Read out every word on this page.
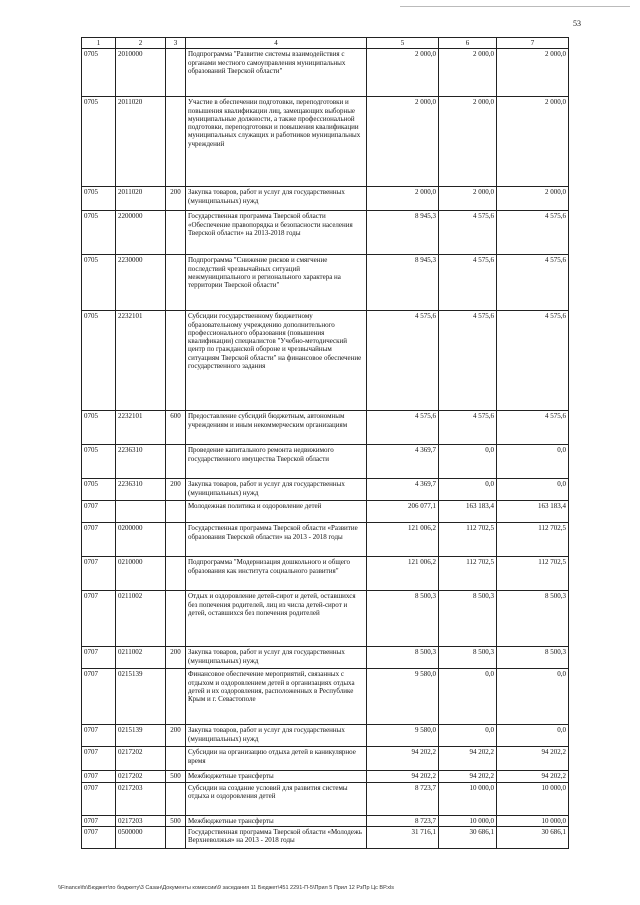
53
1	2	3	4	5	6	7
0705	2010000		Подпрограмма "Развитие системы взаимодействия с органами местного самоуправления муниципальных образований Тверской области"	2 000,0	2 000,0	2 000,0
0705	2011020		Участие в обеспечении подготовки, переподготовки и повышения квалификации лиц, замещающих выборные муниципальные должности, а также профессиональной подготовки, переподготовки и повышения квалификации муниципальных служащих и работников муниципальных учреждений	2 000,0	2 000,0	2 000,0
0705	2011020	200	Закупка товаров, работ и услуг для государственных (муниципальных) нужд	2 000,0	2 000,0	2 000,0
0705	2200000		Государственная программа Тверской области «Обеспечение правопорядка и безопасности населения Тверской области» на 2013-2018 годы	8 945,3	4 575,6	4 575,6
0705	2230000		Подпрограмма "Снижение рисков и смягчение последствий чрезвычайных ситуаций межмуниципального и регионального характера на территории Тверской области"	8 945,3	4 575,6	4 575,6
0705	2232101		Субсидии государственному бюджетному образовательному учреждению дополнительного профессионального образования (повышения квалификации) специалистов "Учебно-методический центр по гражданской обороне и чрезвычайным ситуациям Тверской области" на финансовое обеспечение государственного задания	4 575,6	4 575,6	4 575,6
0705	2232101	600	Предоставление субсидий бюджетным, автономным учреждениям и иным некоммерческим организациям	4 575,6	4 575,6	4 575,6
0705	2236310		Проведение капитального ремонта недвижимого государственного имущества Тверской области	4 369,7	0,0	0,0
0705	2236310	200	Закупка товаров, работ и услуг для государственных (муниципальных) нужд	4 369,7	0,0	0,0
0707			Молодежная политика и оздоровление детей	206 077,1	163 183,4	163 183,4
0707	0200000		Государственная программа Тверской области «Развитие образования Тверской области» на 2013 - 2018 годы	121 006,2	112 702,5	112 702,5
0707	0210000		Подпрограмма "Модернизация дошкольного и общего образования как института социального развития"	121 006,2	112 702,5	112 702,5
0707	0211002		Отдых и оздоровление детей-сирот и детей, оставшихся без попечения родителей, лиц из числа детей-сирот и детей, оставшихся без попечения родителей	8 500,3	8 500,3	8 500,3
0707	0211002	200	Закупка товаров, работ и услуг для государственных (муниципальных) нужд	8 500,3	8 500,3	8 500,3
0707	0215139		Финансовое обеспечение мероприятий, связанных с отдыхом и оздоровлением детей в организациях отдыха детей и их оздоровления, расположенных в Республике Крым и г. Севастополе	9 580,0	0,0	0,0
0707	0215139	200	Закупка товаров, работ и услуг для государственных (муниципальных) нужд	9 580,0	0,0	0,0
0707	0217202		Субсидии на организацию отдыха детей в каникулярное время	94 202,2	94 202,2	94 202,2
0707	0217202	500	Межбюджетные трансферты	94 202,2	94 202,2	94 202,2
0707	0217203		Субсидии на создание условий для развития системы отдыха и оздоровления детей	8 723,7	10 000,0	10 000,0
0707	0217203	500	Межбюджетные трансферты	8 723,7	10 000,0	10 000,0
0707	0500000		Государственная программа Тверской области «Молодежь Верхневолжья» на 2013 - 2018 годы	31 716,1	30 686,1	30 686,1
\\Finance\fs\Бюджет\по бюджету\3 Сазан\Документы комиссии\9 заседания 11 Бюджет\451 2291-П-5\Прил 5 Прил 12 РзПр Цс ВР.xls
